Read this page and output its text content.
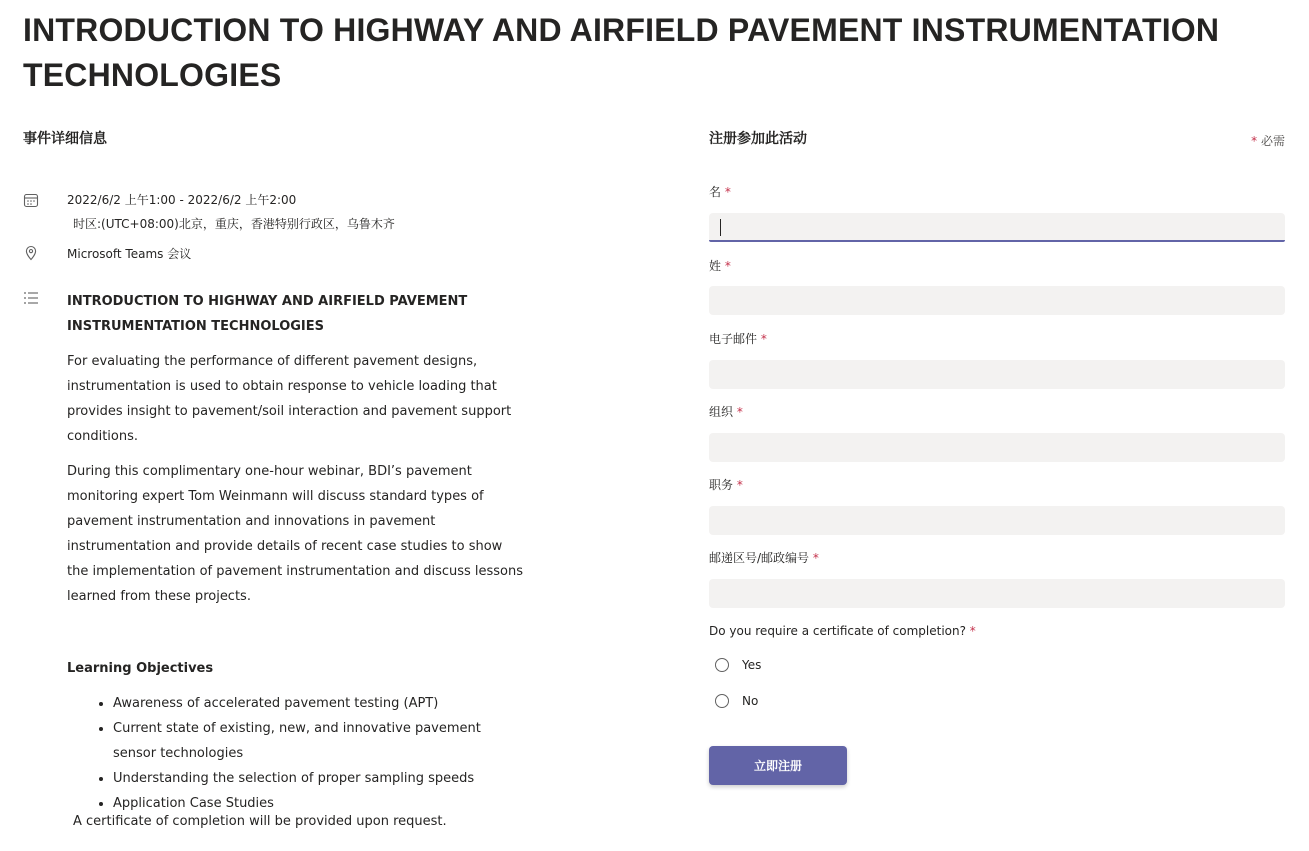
INTRODUCTION TO HIGHWAY AND AIRFIELD PAVEMENT INSTRUMENTATION TECHNOLOGIES
事件详细信息
2022/6/2 上午1:00 - 2022/6/2 上午2:00
时区:(UTC+08:00)北京，重庆，香港特别行政区，乌鲁木齐
Microsoft Teams 会议

INTRODUCTION TO HIGHWAY AND AIRFIELD PAVEMENT
INSTRUMENTATION TECHNOLOGIES

For evaluating the performance of different pavement designs, instrumentation is used to obtain response to vehicle loading that provides insight to pavement/soil interaction and pavement support conditions.

During this complimentary one-hour webinar, BDI’s pavement monitoring expert Tom Weinmann will discuss standard types of pavement instrumentation and innovations in pavement instrumentation and provide details of recent case studies to show the implementation of pavement instrumentation and discuss lessons learned from these projects.

Learning Objectives

• Awareness of accelerated pavement testing (APT)
• Current state of existing, new, and innovative pavement sensor technologies
• Understanding the selection of proper sampling speeds
• Application Case Studies
A certificate of completion will be provided upon request.
注册参加此活动	* 必需
名 *
姓 *
电子邮件 *
组织 *
职务 *
邮递区号/邮政编号 *
Do you require a certificate of completion? *
Yes
No
立即注册
